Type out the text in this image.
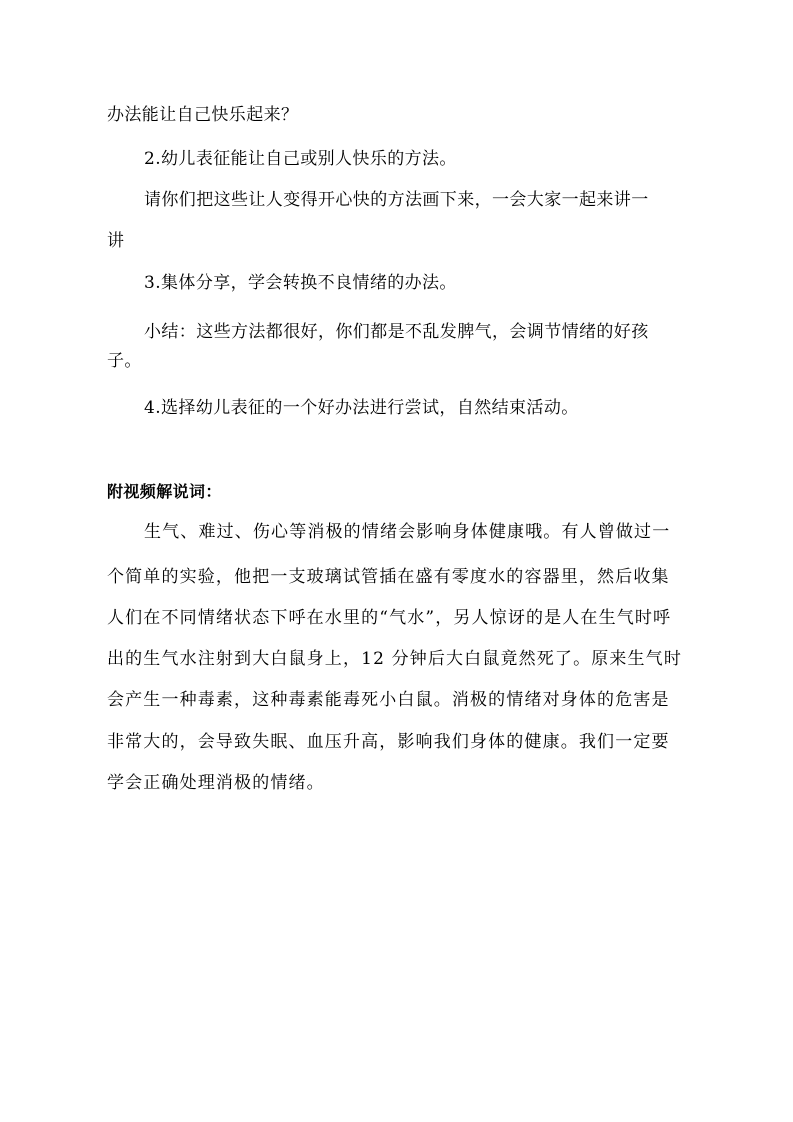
办法能让自己快乐起来？
2.幼儿表征能让自己或别人快乐的方法。
请你们把这些让人变得开心快的方法画下来，一会大家一起来讲一
讲
3.集体分享，学会转换不良情绪的办法。
小结：这些方法都很好，你们都是不乱发脾气，会调节情绪的好孩
子。
4.选择幼儿表征的一个好办法进行尝试，自然结束活动。
附视频解说词：
生气、难过、伤心等消极的情绪会影响身体健康哦。有人曾做过一
个简单的实验，他把一支玻璃试管插在盛有零度水的容器里，然后收集
人们在不同情绪状态下呼在水里的“气水”，另人惊讶的是人在生气时呼
出的生气水注射到大白鼠身上，12 分钟后大白鼠竟然死了。原来生气时
会产生一种毒素，这种毒素能毒死小白鼠。消极的情绪对身体的危害是
非常大的，会导致失眠、血压升高，影响我们身体的健康。我们一定要
学会正确处理消极的情绪。
